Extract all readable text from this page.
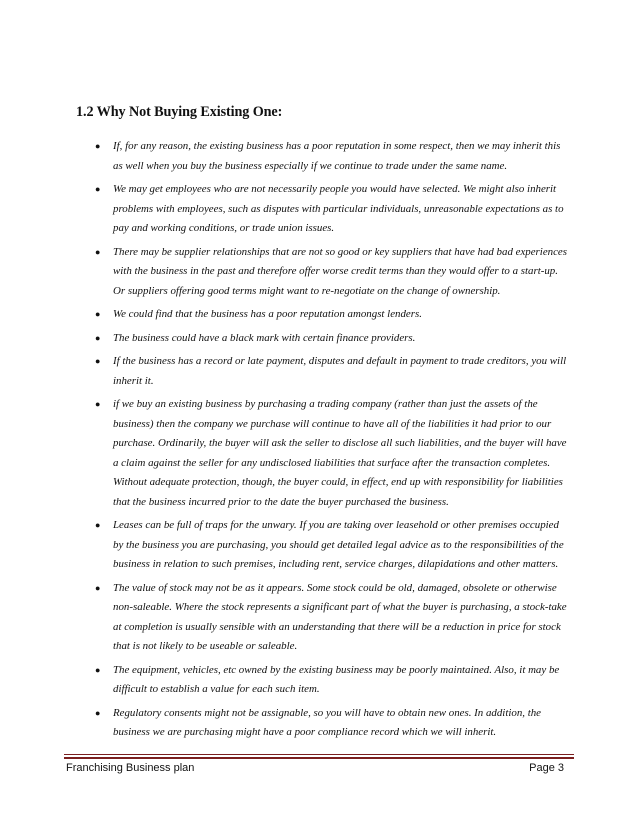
1.2 Why Not Buying Existing One:
● If, for any reason, the existing business has a poor reputation in some respect, then we may inherit this as well when you buy the business especially if we continue to trade under the same name.
● We may get employees who are not necessarily people you would have selected. We might also inherit problems with employees, such as disputes with particular individuals, unreasonable expectations as to pay and working conditions, or trade union issues.
● There may be supplier relationships that are not so good or key suppliers that have had bad experiences with the business in the past and therefore offer worse credit terms than they would offer to a start-up. Or suppliers offering good terms might want to re-negotiate on the change of ownership.
● We could find that the business has a poor reputation amongst lenders.
● The business could have a black mark with certain finance providers.
● If the business has a record or late payment, disputes and default in payment to trade creditors, you will inherit it.
● if we buy an existing business by purchasing a trading company (rather than just the assets of the business) then the company we purchase will continue to have all of the liabilities it had prior to our purchase. Ordinarily, the buyer will ask the seller to disclose all such liabilities, and the buyer will have a claim against the seller for any undisclosed liabilities that surface after the transaction completes. Without adequate protection, though, the buyer could, in effect, end up with responsibility for liabilities that the business incurred prior to the date the buyer purchased the business.
● Leases can be full of traps for the unwary. If you are taking over leasehold or other premises occupied by the business you are purchasing, you should get detailed legal advice as to the responsibilities of the business in relation to such premises, including rent, service charges, dilapidations and other matters.
● The value of stock may not be as it appears. Some stock could be old, damaged, obsolete or otherwise non-saleable. Where the stock represents a significant part of what the buyer is purchasing, a stock-take at completion is usually sensible with an understanding that there will be a reduction in price for stock that is not likely to be useable or saleable.
● The equipment, vehicles, etc owned by the existing business may be poorly maintained. Also, it may be difficult to establish a value for each such item.
● Regulatory consents might not be assignable, so you will have to obtain new ones. In addition, the business we are purchasing might have a poor compliance record which we will inherit.
Franchising Business plan	Page 3
